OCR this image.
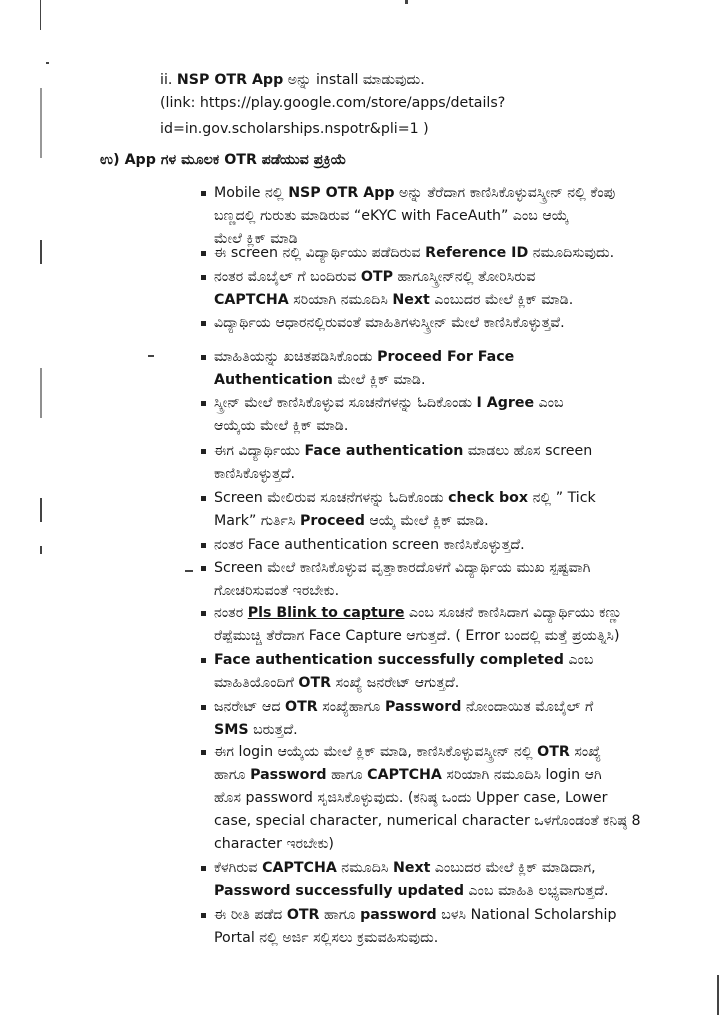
ii. NSP OTR App ಅನ್ನು install ಮಾಡುವುದು.
(link: https://play.google.com/store/apps/details?
id=in.gov.scholarships.nspotr&pli=1 )
ಉ) App ಗಳ ಮೂಲಕ OTR ಪಡೆಯುವ ಪ್ರಕ್ರಿಯೆ
Mobile ನಲ್ಲಿ NSP OTR App ಅನ್ನು ತೆರೆದಾಗ ಕಾಣಿಸಿಕೊಳ್ಳುವಸ್ಕ್ರೀನ್ ನಲ್ಲಿ ಕೆಂಪು
ಬಣ್ಣದಲ್ಲಿ ಗುರುತು ಮಾಡಿರುವ “eKYC with FaceAuth” ಎಂಬ ಆಯ್ಕೆ
ಮೇಲೆ ಕ್ಲಿಕ್ ಮಾಡಿ
ಈ screen ನಲ್ಲಿ ವಿದ್ಯಾರ್ಥಿಯು ಪಡೆದಿರುವ Reference ID ನಮೂದಿಸುವುದು.
ನಂತರ ಮೊಬೈಲ್ ಗೆ ಬಂದಿರುವ OTP ಹಾಗೂಸ್ಕ್ರೀನ್‌ನಲ್ಲಿ ತೋರಿಸಿರುವ
CAPTCHA ಸರಿಯಾಗಿ ನಮೂದಿಸಿ Next ಎಂಬುದರ ಮೇಲೆ ಕ್ಲಿಕ್ ಮಾಡಿ.
ವಿದ್ಯಾರ್ಥಿಯ ಆಧಾರನಲ್ಲಿರುವಂತೆ ಮಾಹಿತಿಗಳುಸ್ಕ್ರೀನ್ ಮೇಲೆ ಕಾಣಿಸಿಕೊಳ್ಳುತ್ತವೆ.
ಮಾಹಿತಿಯನ್ನು ಖಚಿತಪಡಿಸಿಕೊಂಡು Proceed For Face
Authentication ಮೇಲೆ ಕ್ಲಿಕ್ ಮಾಡಿ.
ಸ್ಕ್ರೀನ್ ಮೇಲೆ ಕಾಣಿಸಿಕೊಳ್ಳುವ ಸೂಚನೆಗಳನ್ನು ಓದಿಕೊಂಡು I Agree ಎಂಬ
ಆಯ್ಕೆಯ ಮೇಲೆ ಕ್ಲಿಕ್ ಮಾಡಿ.
ಈಗ ವಿದ್ಯಾರ್ಥಿಯು Face authentication ಮಾಡಲು ಹೊಸ screen
ಕಾಣಿಸಿಕೊಳ್ಳುತ್ತದೆ.
Screen ಮೇಲಿರುವ ಸೂಚನೆಗಳನ್ನು ಓದಿಕೊಂಡು check box ನಲ್ಲಿ ” Tick
Mark” ಗುರ್ತಿಸಿ Proceed ಆಯ್ಕೆ ಮೇಲೆ ಕ್ಲಿಕ್ ಮಾಡಿ.
ನಂತರ Face authentication screen ಕಾಣಿಸಿಕೊಳ್ಳುತ್ತದೆ.
Screen ಮೇಲೆ ಕಾಣಿಸಿಕೊಳ್ಳುವ ವೃತ್ತಾಕಾರದೊಳಗೆ ವಿದ್ಯಾರ್ಥಿಯ ಮುಖ ಸ್ಪಷ್ಟವಾಗಿ
ಗೋಚರಿಸುವಂತೆ ಇರಬೇಕು.
ನಂತರ Pls Blink to capture ಎಂಬ ಸೂಚನೆ ಕಾಣಿಸಿದಾಗ ವಿದ್ಯಾರ್ಥಿಯು ಕಣ್ಣು
ರೆಪ್ಪೆಮುಚ್ಚಿ ತೆರೆದಾಗ Face Capture ಆಗುತ್ತದೆ. ( Error ಬಂದಲ್ಲಿ ಮತ್ತೆ ಪ್ರಯತ್ನಿಸಿ)
Face authentication successfully completed ಎಂಬ
ಮಾಹಿತಿಯೊಂದಿಗೆ OTR ಸಂಖ್ಯೆ ಜನರೇಟ್ ಆಗುತ್ತದೆ.
ಜನರೇಟ್ ಆದ OTR ಸಂಖ್ಯೆಹಾಗೂ Password ನೋಂದಾಯಿತ ಮೊಬೈಲ್ ಗೆ
SMS ಬರುತ್ತದೆ.
ಈಗ login ಆಯ್ಕೆಯ ಮೇಲೆ ಕ್ಲಿಕ್ ಮಾಡಿ, ಕಾಣಿಸಿಕೊಳ್ಳುವಸ್ಕ್ರೀನ್ ನಲ್ಲಿ OTR ಸಂಖ್ಯೆ
ಹಾಗೂ Password ಹಾಗೂ CAPTCHA ಸರಿಯಾಗಿ ನಮೂದಿಸಿ login ಆಗಿ
ಹೊಸ password ಸೃಜಿಸಿಕೊಳ್ಳುವುದು. (ಕನಿಷ್ಠ ಒಂದು Upper case, Lower
case, special character, numerical character ಒಳಗೊಂಡಂತೆ ಕನಿಷ್ಠ 8
character ಇರಬೇಕು)
ಕೆಳಗಿರುವ CAPTCHA ನಮೂದಿಸಿ Next ಎಂಬುದರ ಮೇಲೆ ಕ್ಲಿಕ್ ಮಾಡಿದಾಗ,
Password successfully updated ಎಂಬ ಮಾಹಿತಿ ಲಭ್ಯವಾಗುತ್ತದೆ.
ಈ ರೀತಿ ಪಡೆದ OTR ಹಾಗೂ password ಬಳಸಿ National Scholarship
Portal ನಲ್ಲಿ ಅರ್ಜಿ ಸಲ್ಲಿಸಲು ಕ್ರಮವಹಿಸುವುದು.
